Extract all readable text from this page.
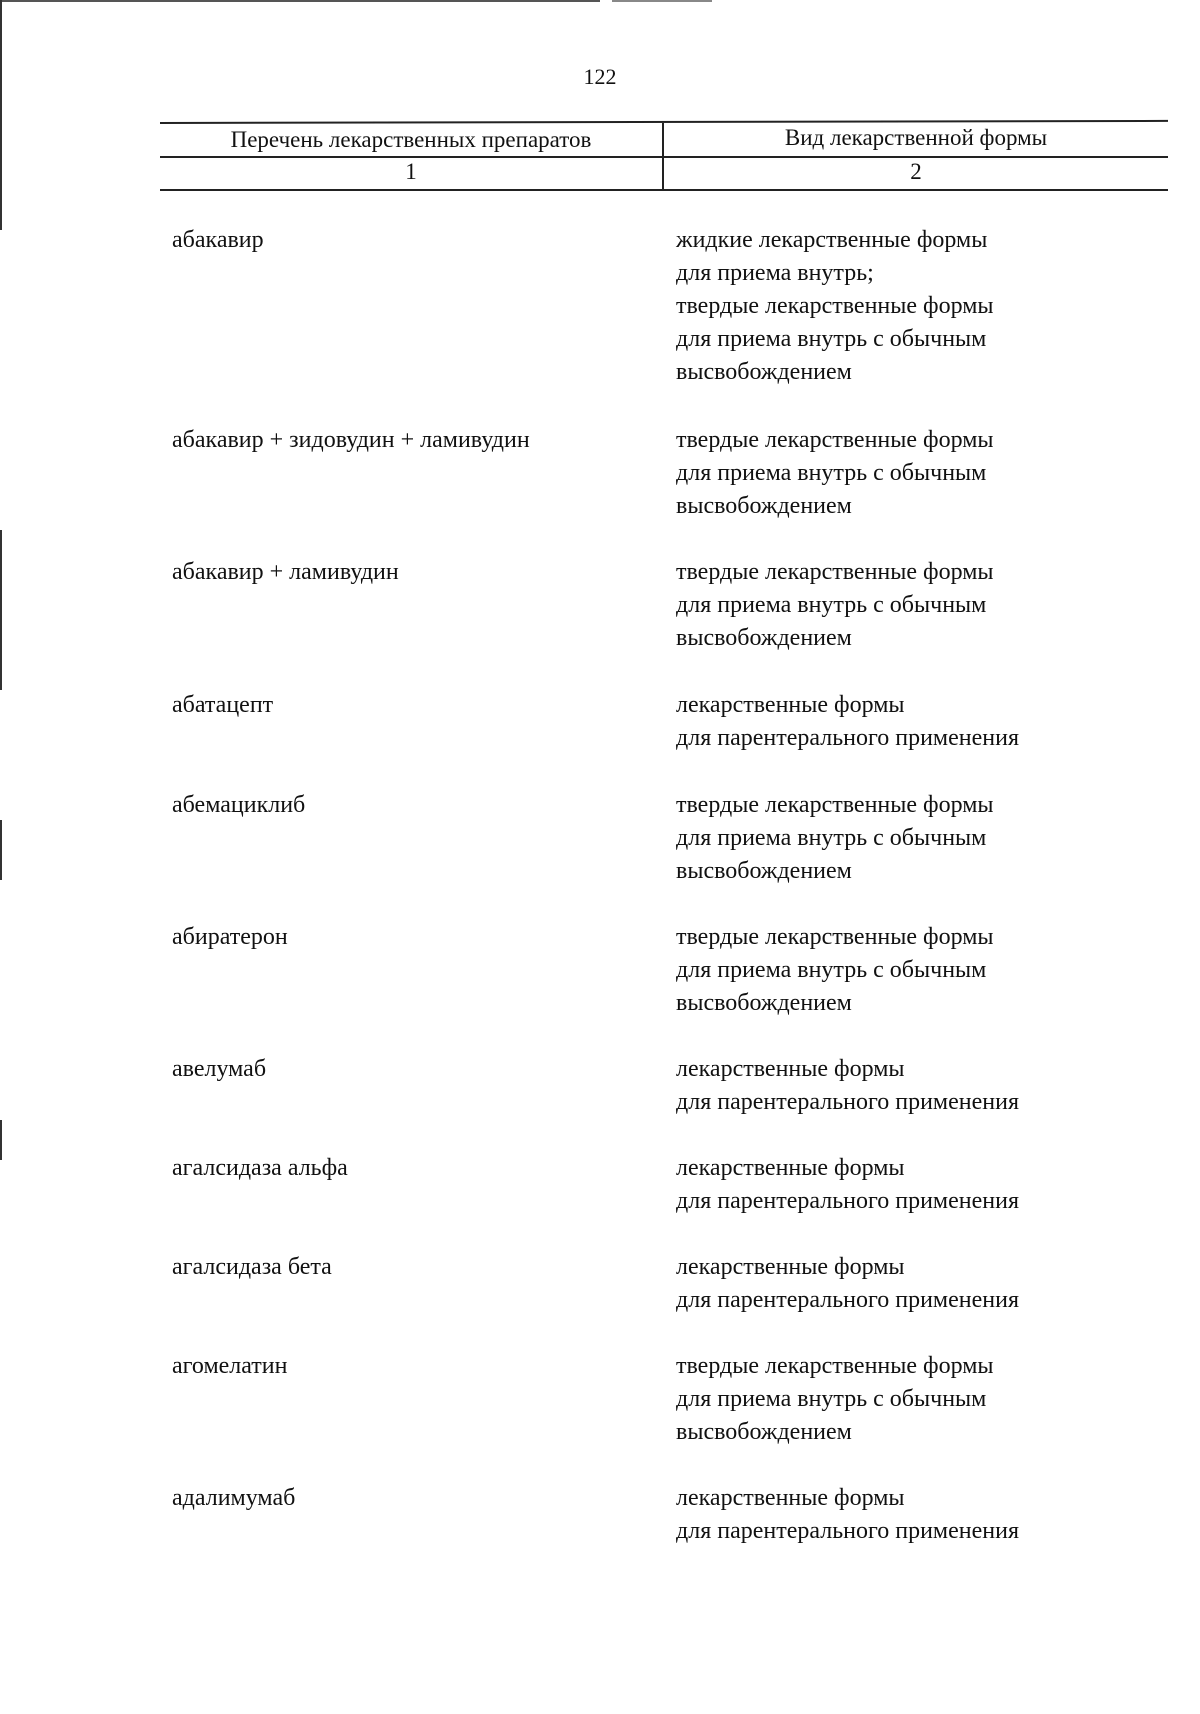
122
Перечень лекарственных препаратов	Вид лекарственной формы
1	2
абакавир	жидкие лекарственные формы
для приема внутрь;
твердые лекарственные формы
для приема внутрь с обычным
высвобождением
абакавир + зидовудин + ламивудин	твердые лекарственные формы
для приема внутрь с обычным
высвобождением
абакавир + ламивудин	твердые лекарственные формы
для приема внутрь с обычным
высвобождением
абатацепт	лекарственные формы
для парентерального применения
абемациклиб	твердые лекарственные формы
для приема внутрь с обычным
высвобождением
абиратерон	твердые лекарственные формы
для приема внутрь с обычным
высвобождением
авелумаб	лекарственные формы
для парентерального применения
агалсидаза альфа	лекарственные формы
для парентерального применения
агалсидаза бета	лекарственные формы
для парентерального применения
агомелатин	твердые лекарственные формы
для приема внутрь с обычным
высвобождением
адалимумаб	лекарственные формы
для парентерального применения
